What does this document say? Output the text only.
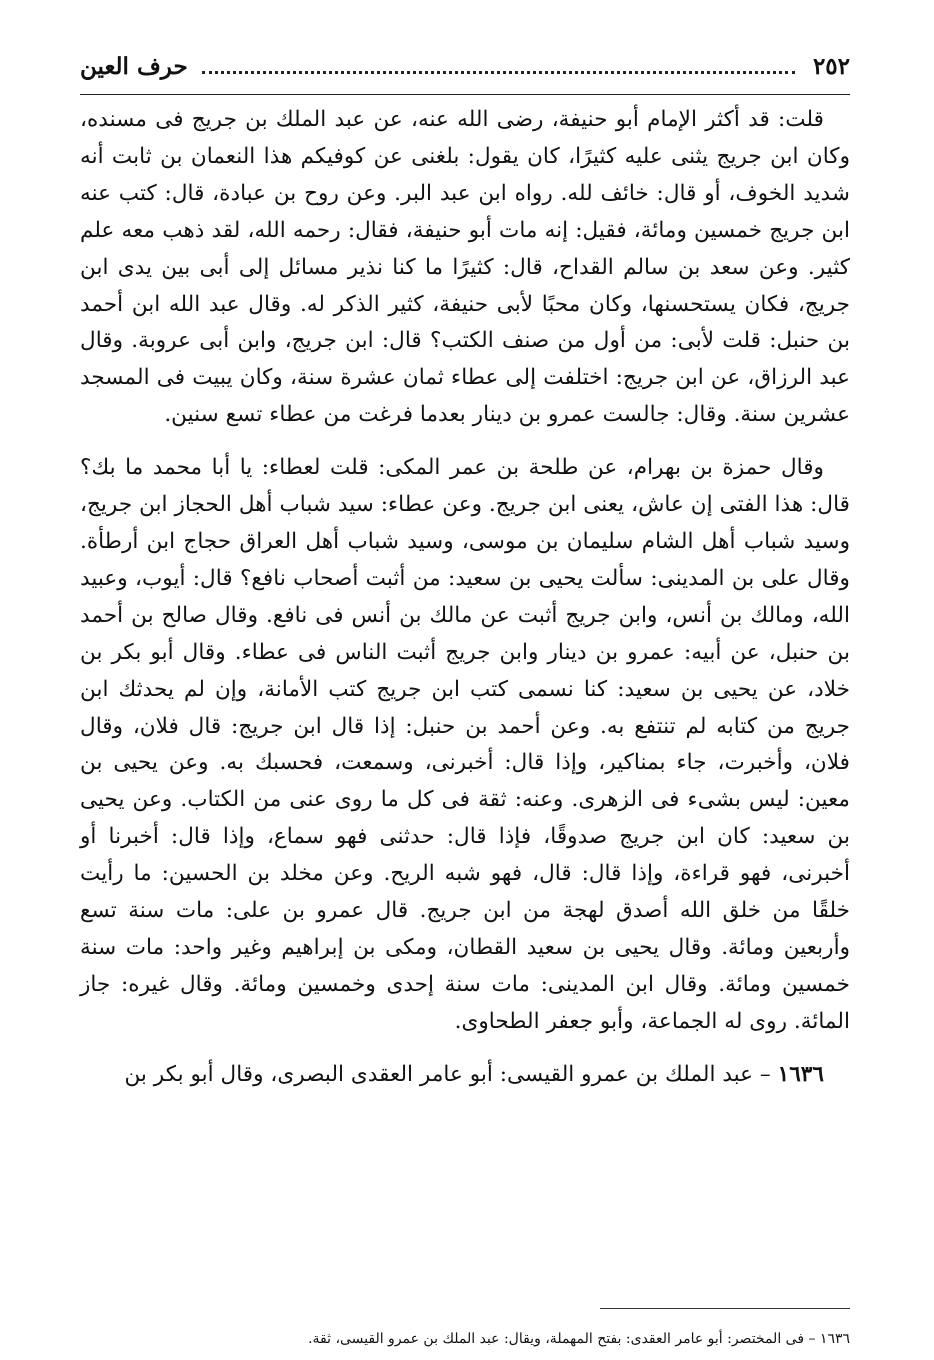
٢٥٢
حرف العين

قلت: قد أكثر الإمام أبو حنيفة، رضى الله عنه، عن عبد الملك بن جريج فى مسنده، وكان ابن جريج يثنى عليه كثيرًا، كان يقول: بلغنى عن كوفيكم هذا النعمان بن ثابت أنه شديد الخوف، أو قال: خائف لله. رواه ابن عبد البر. وعن روح بن عبادة، قال: كتب عنه ابن جريج خمسين ومائة، فقيل: إنه مات أبو حنيفة، فقال: رحمه الله، لقد ذهب معه علم كثير. وعن سعد بن سالم القداح، قال: كثيرًا ما كنا نذير مسائل إلى أبى بين يدى ابن جريج، فكان يستحسنها، وكان محبًا لأبى حنيفة، كثير الذكر له. وقال عبد الله ابن أحمد بن حنبل: قلت لأبى: من أول من صنف الكتب؟ قال: ابن جريج، وابن أبى عروبة. وقال عبد الرزاق، عن ابن جريج: اختلفت إلى عطاء ثمان عشرة سنة، وكان يبيت فى المسجد عشرين سنة. وقال: جالست عمرو بن دينار بعدما فرغت من عطاء تسع سنين.

وقال حمزة بن بهرام، عن طلحة بن عمر المكى: قلت لعطاء: يا أبا محمد ما بك؟ قال: هذا الفتى إن عاش، يعنى ابن جريج. وعن عطاء: سيد شباب أهل الحجاز ابن جريج، وسيد شباب أهل الشام سليمان بن موسى، وسيد شباب أهل العراق حجاج ابن أرطأة. وقال على بن المدينى: سألت يحيى بن سعيد: من أثبت أصحاب نافع؟ قال: أيوب، وعبيد الله، ومالك بن أنس، وابن جريج أثبت عن مالك بن أنس فى نافع. وقال صالح بن أحمد بن حنبل، عن أبيه: عمرو بن دينار وابن جريج أثبت الناس فى عطاء. وقال أبو بكر بن خلاد، عن يحيى بن سعيد: كنا نسمى كتب ابن جريج كتب الأمانة، وإن لم يحدثك ابن جريج من كتابه لم تنتفع به. وعن أحمد بن حنبل: إذا قال ابن جريج: قال فلان، وقال فلان، وأخبرت، جاء بمناكير، وإذا قال: أخبرنى، وسمعت، فحسبك به. وعن يحيى بن معين: ليس بشىء فى الزهرى. وعنه: ثقة فى كل ما روى عنى من الكتاب. وعن يحيى بن سعيد: كان ابن جريج صدوقًا، فإذا قال: حدثنى فهو سماع، وإذا قال: أخبرنا أو أخبرنى، فهو قراءة، وإذا قال: قال، فهو شبه الريح. وعن مخلد بن الحسين: ما رأيت خلقًا من خلق الله أصدق لهجة من ابن جريج. قال عمرو بن على: مات سنة تسع وأربعين ومائة. وقال يحيى بن سعيد القطان، ومكى بن إبراهيم وغير واحد: مات سنة خمسين ومائة. وقال ابن المدينى: مات سنة إحدى وخمسين ومائة. وقال غيره: جاز المائة. روى له الجماعة، وأبو جعفر الطحاوى.

١٦٣٦ – عبد الملك بن عمرو القيسى: أبو عامر العقدى البصرى، وقال أبو بكر بن

١٦٣٦ – فى المختصر: أبو عامر العقدى: بفتح المهملة، ويقال: عبد الملك بن عمرو القيسى، ثقة.
